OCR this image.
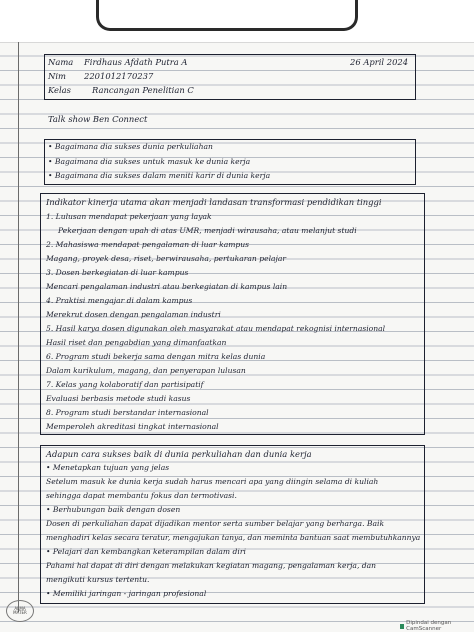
Nama Firdhaus Afdath Putra A	26 April 2024
Nim 2201012170237
Kelas	Rancangan Penelitian C
Talk show Ben Connect
• Bagaimana dia sukses dunia perkuliahan
• Bagaimana dia sukses untuk masuk ke dunia kerja
• Bagaimana dia sukses dalam meniti karir di dunia kerja
Indikator kinerja utama akan menjadi landasan transformasi pendidikan tinggi
1. Lulusan mendapat pekerjaan yang layak
Pekerjaan dengan upah di atas UMR, menjadi wirausaha, atau melanjut studi
2. Mahasiswa mendapat pengalaman di luar kampus
Magang, proyek desa, riset, berwirausaha, pertukaran pelajar
3. Dosen berkegiatan di luar kampus
Mencari pengalaman industri atau berkegiatan di kampus lain
4. Praktisi mengajar di dalam kampus
Merekrut dosen dengan pengalaman industri
5. Hasil karya dosen digunakan oleh masyarakat atau mendapat rekognisi internasional
Hasil riset dan pengabdian yang dimanfaatkan
6. Program studi bekerja sama dengan mitra kelas dunia
Dalam kurikulum, magang, dan penyerapan lulusan
7. Kelas yang kolaboratif dan partisipatif
Evaluasi berbasis metode studi kasus
8. Program studi berstandar internasional
Memperoleh akreditasi tingkat internasional
Adapun cara sukses baik di dunia perkuliahan dan dunia kerja
• Menetapkan tujuan yang jelas
Setelum masuk ke dunia kerja sudah harus mencari apa yang diingin selama di kuliah
sehingga dapat membantu fokus dan termotivasi.
• Berhubungan baik dengan dosen
Dosen di perkuliahan dapat dijadikan mentor serta sumber belajar yang berharga. Baik
menghadiri kelas secara teratur, mengajukan tanya, dan meminta bantuan saat membutuhkannya
• Pelajari dan kembangkan keterampilan dalam diri
Pahami hal dapat di diri dengan melakukan kegiatan magang, pengalaman kerja, dan
mengikuti kursus tertentu.
• Memiliki jaringan - jaringan profesional
ALMA MATER
Dipindai dengan CamScanner
